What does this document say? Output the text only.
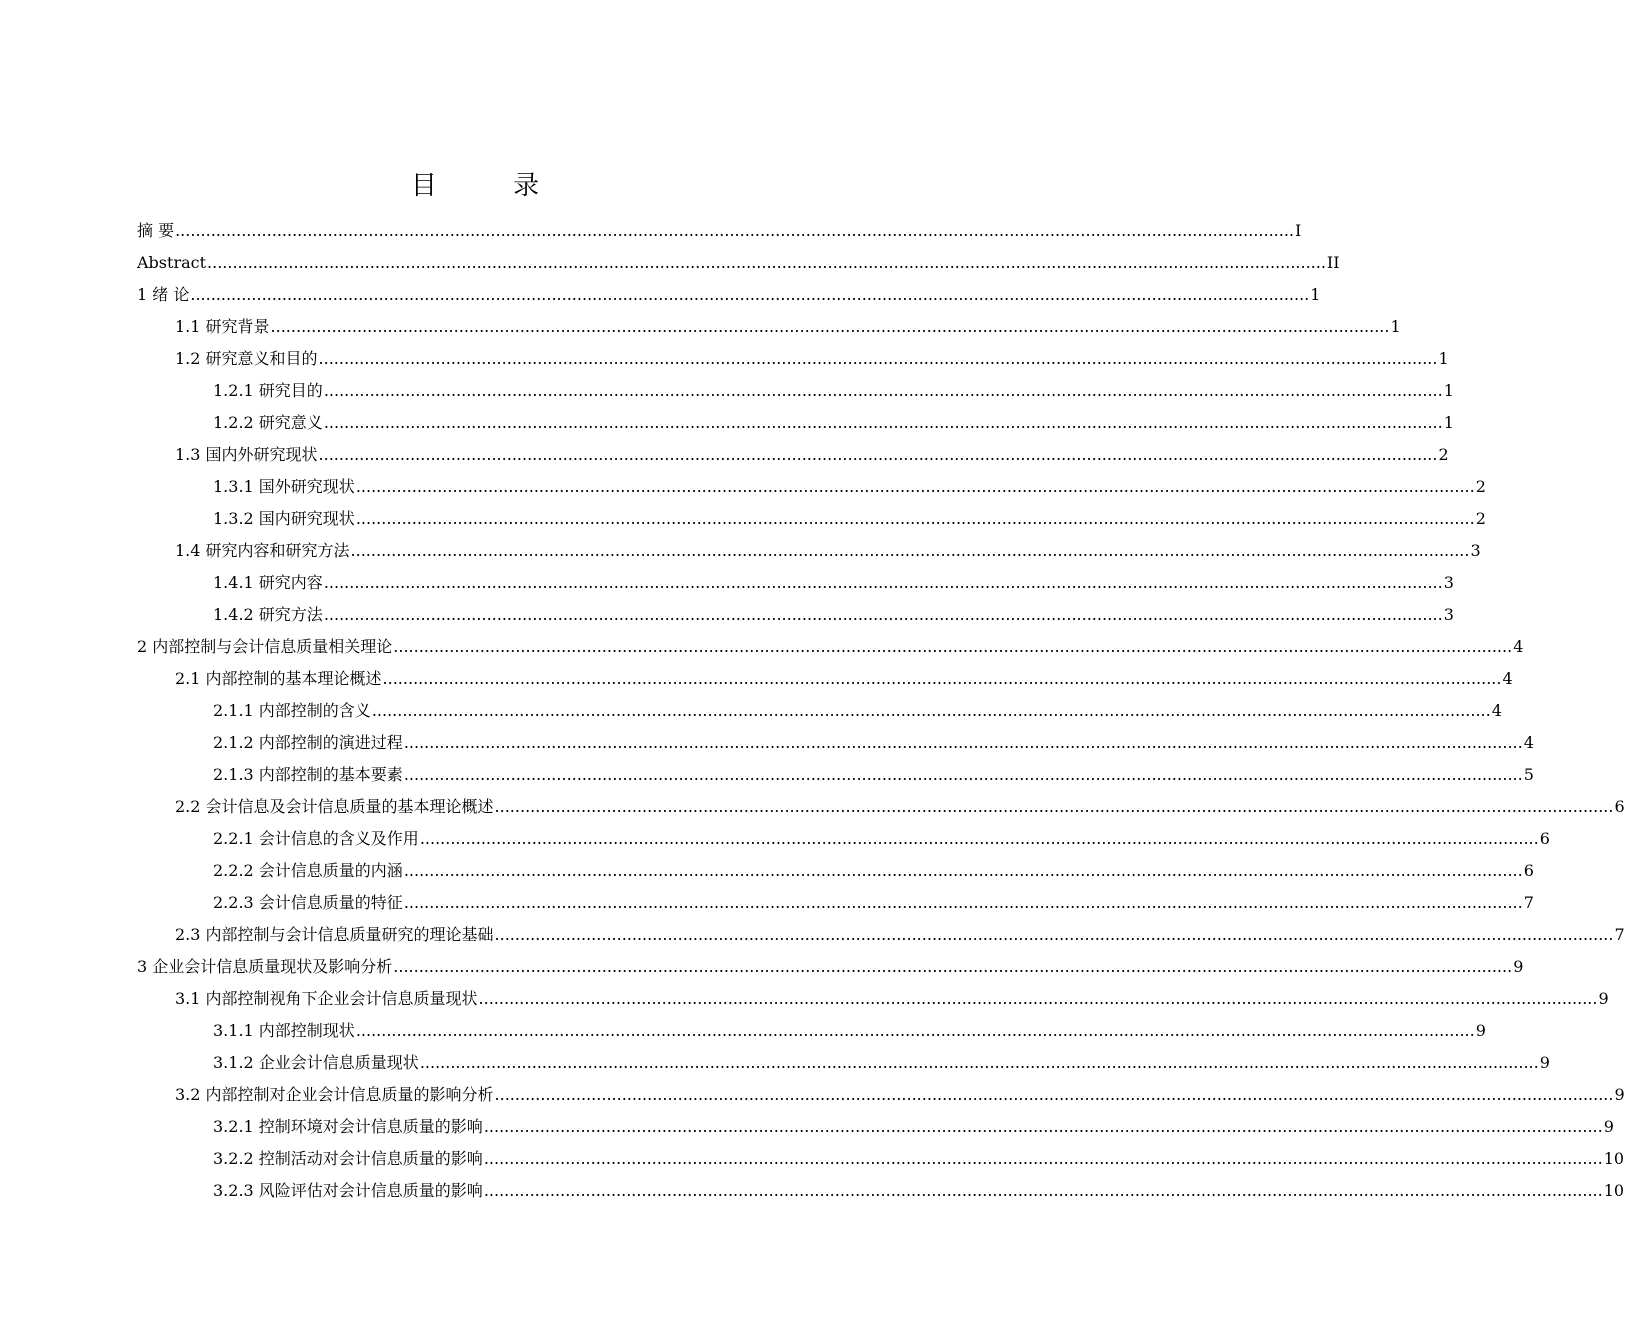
目 录
摘 要 ............................................................................................................................................................................................................................ I
Abstract ............................................................................................................................................................................................................................ II
1 绪 论 ............................................................................................................................................................................................................................ 1
1.1 研究背景 ............................................................................................................................................................................................................................ 1
1.2 研究意义和目的 ............................................................................................................................................................................................................................ 1
1.2.1 研究目的 ............................................................................................................................................................................................................................ 1
1.2.2 研究意义 ............................................................................................................................................................................................................................ 1
1.3 国内外研究现状 ............................................................................................................................................................................................................................ 2
1.3.1 国外研究现状 ............................................................................................................................................................................................................................ 2
1.3.2 国内研究现状 ............................................................................................................................................................................................................................ 2
1.4 研究内容和研究方法 ............................................................................................................................................................................................................................ 3
1.4.1 研究内容 ............................................................................................................................................................................................................................ 3
1.4.2 研究方法 ............................................................................................................................................................................................................................ 3
2 内部控制与会计信息质量相关理论 ............................................................................................................................................................................................................................ 4
2.1 内部控制的基本理论概述 ............................................................................................................................................................................................................................ 4
2.1.1 内部控制的含义 ............................................................................................................................................................................................................................ 4
2.1.2 内部控制的演进过程 ............................................................................................................................................................................................................................ 4
2.1.3 内部控制的基本要素 ............................................................................................................................................................................................................................ 5
2.2 会计信息及会计信息质量的基本理论概述 ............................................................................................................................................................................................................................ 6
2.2.1 会计信息的含义及作用 ............................................................................................................................................................................................................................ 6
2.2.2 会计信息质量的内涵 ............................................................................................................................................................................................................................ 6
2.2.3 会计信息质量的特征 ............................................................................................................................................................................................................................ 7
2.3 内部控制与会计信息质量研究的理论基础 ............................................................................................................................................................................................................................ 7
3 企业会计信息质量现状及影响分析 ............................................................................................................................................................................................................................ 9
3.1 内部控制视角下企业会计信息质量现状 ............................................................................................................................................................................................................................ 9
3.1.1 内部控制现状 ............................................................................................................................................................................................................................ 9
3.1.2 企业会计信息质量现状 ............................................................................................................................................................................................................................ 9
3.2 内部控制对企业会计信息质量的影响分析 ............................................................................................................................................................................................................................ 9
3.2.1 控制环境对会计信息质量的影响 ............................................................................................................................................................................................................................ 9
3.2.2 控制活动对会计信息质量的影响 ............................................................................................................................................................................................................................ 10
3.2.3 风险评估对会计信息质量的影响 ............................................................................................................................................................................................................................ 10
